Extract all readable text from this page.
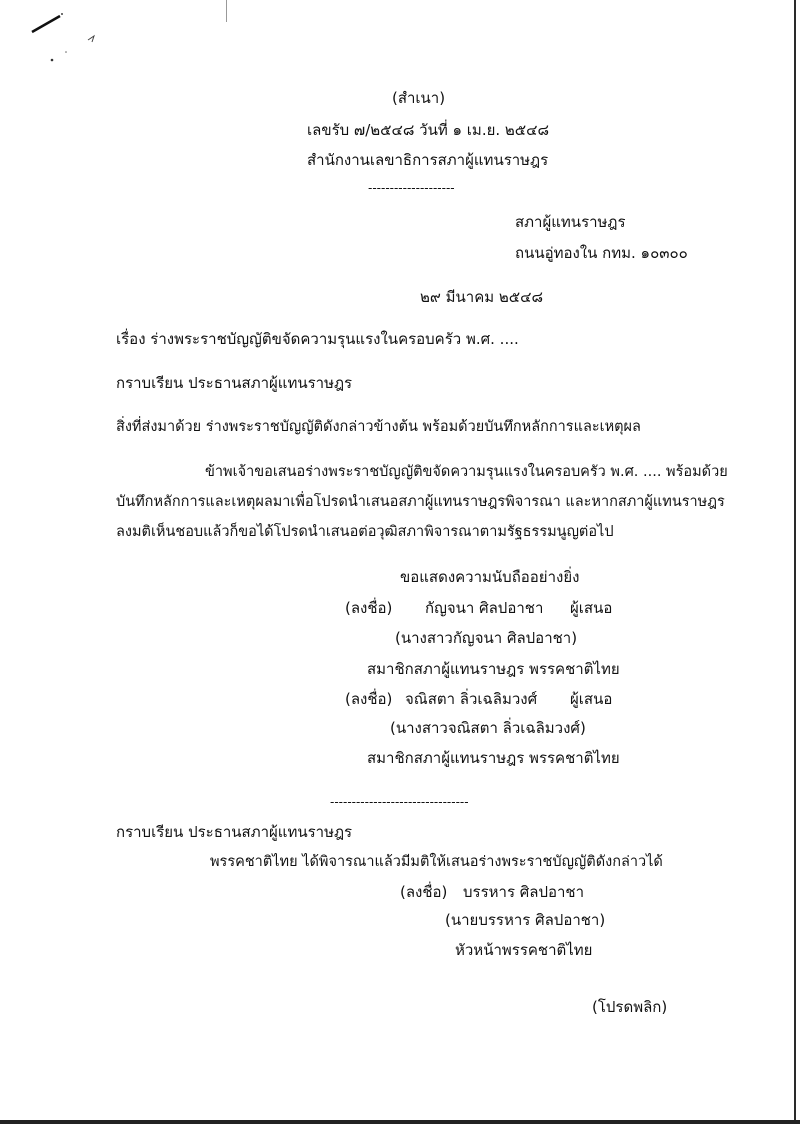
(สำเนา)
เลขรับ ๗/๒๕๔๘ วันที่ ๑ เม.ย. ๒๕๔๘
สำนักงานเลขาธิการสภาผู้แทนราษฎร
--------------------
สภาผู้แทนราษฎร
ถนนอู่ทองใน กทม. ๑๐๓๐๐
๒๙ มีนาคม ๒๕๔๘
เรื่อง ร่างพระราชบัญญัติขจัดความรุนแรงในครอบครัว พ.ศ. ....
กราบเรียน ประธานสภาผู้แทนราษฎร
สิ่งที่ส่งมาด้วย ร่างพระราชบัญญัติดังกล่าวข้างต้น พร้อมด้วยบันทึกหลักการและเหตุผล
ข้าพเจ้าขอเสนอร่างพระราชบัญญัติขจัดความรุนแรงในครอบครัว พ.ศ. .... พร้อมด้วย
บันทึกหลักการและเหตุผลมาเพื่อโปรดนำเสนอสภาผู้แทนราษฎรพิจารณา และหากสภาผู้แทนราษฎร
ลงมติเห็นชอบแล้วก็ขอได้โปรดนำเสนอต่อวุฒิสภาพิจารณาตามรัฐธรรมนูญต่อไป
ขอแสดงความนับถืออย่างยิ่ง
(ลงชื่อ) กัญจนา ศิลปอาชา ผู้เสนอ
(นางสาวกัญจนา ศิลปอาชา)
สมาชิกสภาผู้แทนราษฎร พรรคชาติไทย
(ลงชื่อ) จณิสตา ลิ่วเฉลิมวงศ์ ผู้เสนอ
(นางสาวจณิสตา ลิ่วเฉลิมวงศ์)
สมาชิกสภาผู้แทนราษฎร พรรคชาติไทย
--------------------------------
กราบเรียน ประธานสภาผู้แทนราษฎร
พรรคชาติไทย ได้พิจารณาแล้วมีมติให้เสนอร่างพระราชบัญญัติดังกล่าวได้
(ลงชื่อ) บรรหาร ศิลปอาชา
(นายบรรหาร ศิลปอาชา)
หัวหน้าพรรคชาติไทย
(โปรดพลิก)
